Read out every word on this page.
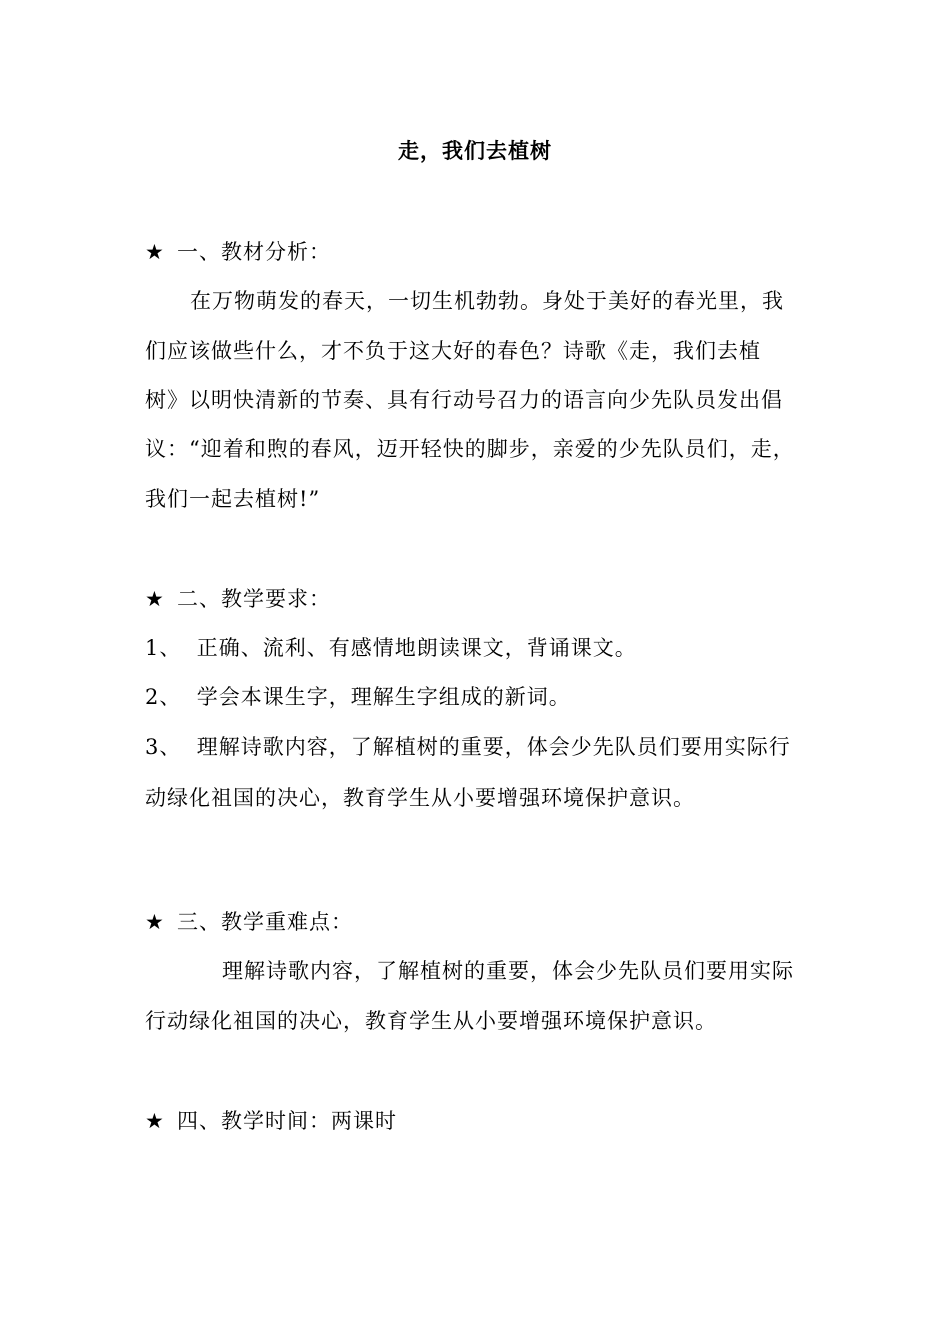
走，我们去植树
★ 一、教材分析：
在万物萌发的春天，一切生机勃勃。身处于美好的春光里，我
们应该做些什么，才不负于这大好的春色？诗歌《走，我们去植
树》以明快清新的节奏、具有行动号召力的语言向少先队员发出倡
议：“迎着和煦的春风，迈开轻快的脚步，亲爱的少先队员们，走，
我们一起去植树!”
★ 二、教学要求：
1、  正确、流利、有感情地朗读课文，背诵课文。
2、  学会本课生字，理解生字组成的新词。
3、  理解诗歌内容，了解植树的重要，体会少先队员们要用实际行
动绿化祖国的决心，教育学生从小要增强环境保护意识。
★ 三、教学重难点：
理解诗歌内容，了解植树的重要，体会少先队员们要用实际
行动绿化祖国的决心，教育学生从小要增强环境保护意识。
★ 四、教学时间：两课时
